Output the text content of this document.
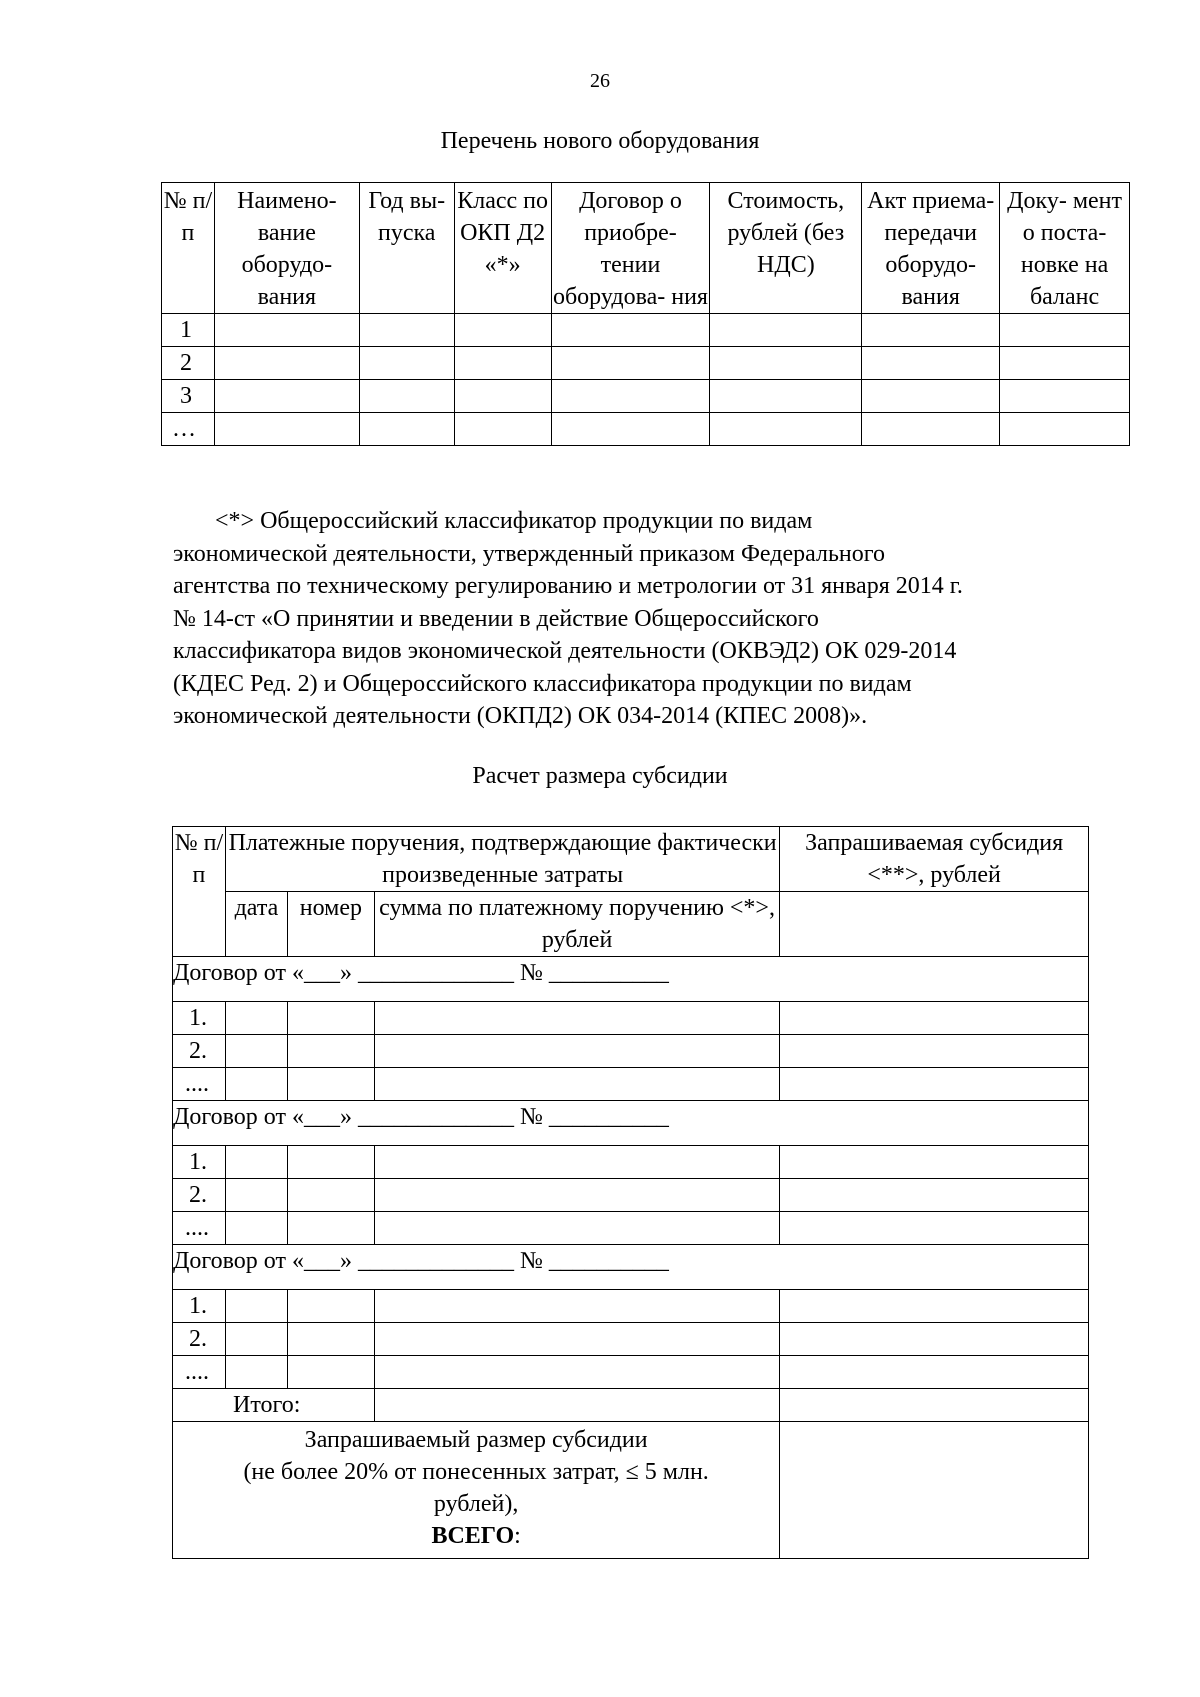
26
Перечень нового оборудования
№ п/ п	Наимено- вание оборудо- вания	Год вы- пуска	Класс по ОКП Д2 «*»	Договор о приобре- тении оборудова- ния	Стоимость, рублей (без НДС)	Акт приема- передачи оборудо- вания	Доку- мент о поста- новке на баланс
1							
2							
3							
…							
<*> Общероссийский классификатор продукции по видам
экономической деятельности, утвержденный приказом Федерального
агентства по техническому регулированию и метрологии от 31 января 2014 г.
№ 14-ст «О принятии и введении в действие Общероссийского
классификатора видов экономической деятельности (ОКВЭД2) ОК 029-2014
(КДЕС Ред. 2) и Общероссийского классификатора продукции по видам
экономической деятельности (ОКПД2) ОК 034-2014 (КПЕС 2008)».
Расчет размера субсидии
№ п/п	Платежные поручения, подтверждающие фактически произведенные затраты			Запрашиваемая субсидия <**>, рублей
	дата	номер	сумма по платежному поручению <*>, рублей	
Договор от «___» _____________ № __________				
1.				
2.				
....				
Договор от «___» _____________ № __________				
1.				
2.				
....				
Договор от «___» _____________ № __________				
1.				
2.				
....				
Итого:				

Запрашиваемый размер субсидии
(не более 20% от понесенных затрат, ≤ 5 млн.
рублей),
ВСЕГО:				
